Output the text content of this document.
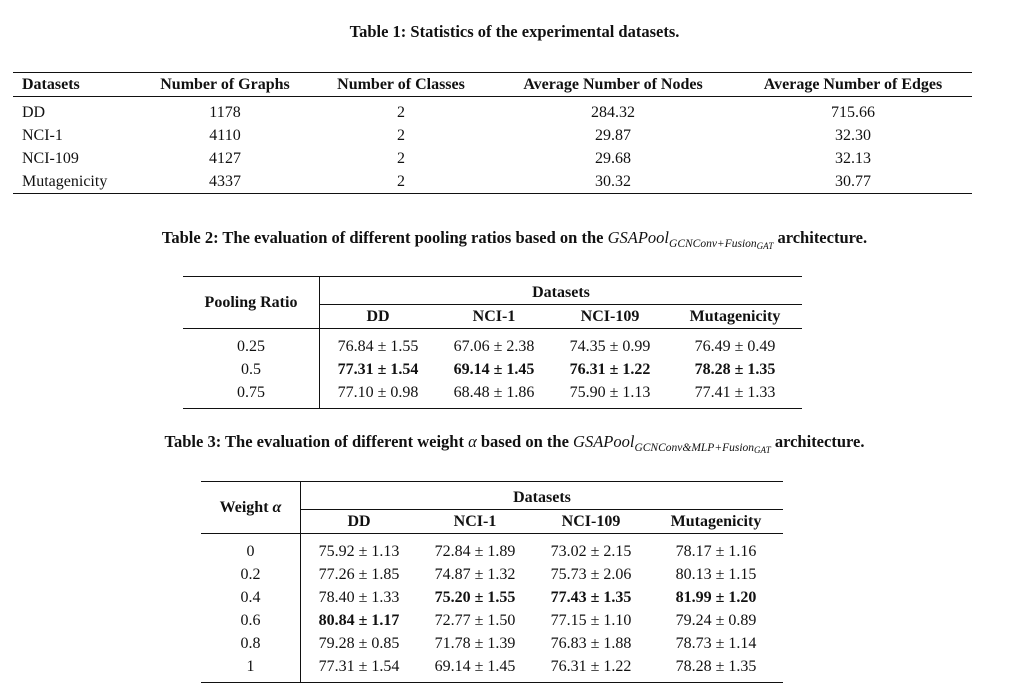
Table 1: Statistics of the experimental datasets.
Datasets	Number of Graphs	Number of Classes	Average Number of Nodes	Average Number of Edges
DD	1178	2	284.32	715.66
NCI-1	4110	2	29.87	32.30
NCI-109	4127	2	29.68	32.13
Mutagenicity	4337	2	30.32	30.77
Table 2: The evaluation of different pooling ratios based on the GSAPool$_{GCNConv+Fusion_{GAT}}$ architecture.
Pooling Ratio	Datasets			
	DD	NCI-1	NCI-109	Mutagenicity
0.25	76.84 ± 1.55	67.06 ± 2.38	74.35 ± 0.99	76.49 ± 0.49
0.5	77.31 ± 1.54	69.14 ± 1.45	76.31 ± 1.22	78.28 ± 1.35
0.75	77.10 ± 0.98	68.48 ± 1.86	75.90 ± 1.13	77.41 ± 1.33
Table 3: The evaluation of different weight α based on the GSAPool$_{GCNConv\&MLP+Fusion_{GAT}}$ architecture.
Weight α	Datasets			
	DD	NCI-1	NCI-109	Mutagenicity
0	75.92 ± 1.13	72.84 ± 1.89	73.02 ± 2.15	78.17 ± 1.16
0.2	77.26 ± 1.85	74.87 ± 1.32	75.73 ± 2.06	80.13 ± 1.15
0.4	78.40 ± 1.33	75.20 ± 1.55	77.43 ± 1.35	81.99 ± 1.20
0.6	80.84 ± 1.17	72.77 ± 1.50	77.15 ± 1.10	79.24 ± 0.89
0.8	79.28 ± 0.85	71.78 ± 1.39	76.83 ± 1.88	78.73 ± 1.14
1	77.31 ± 1.54	69.14 ± 1.45	76.31 ± 1.22	78.28 ± 1.35
